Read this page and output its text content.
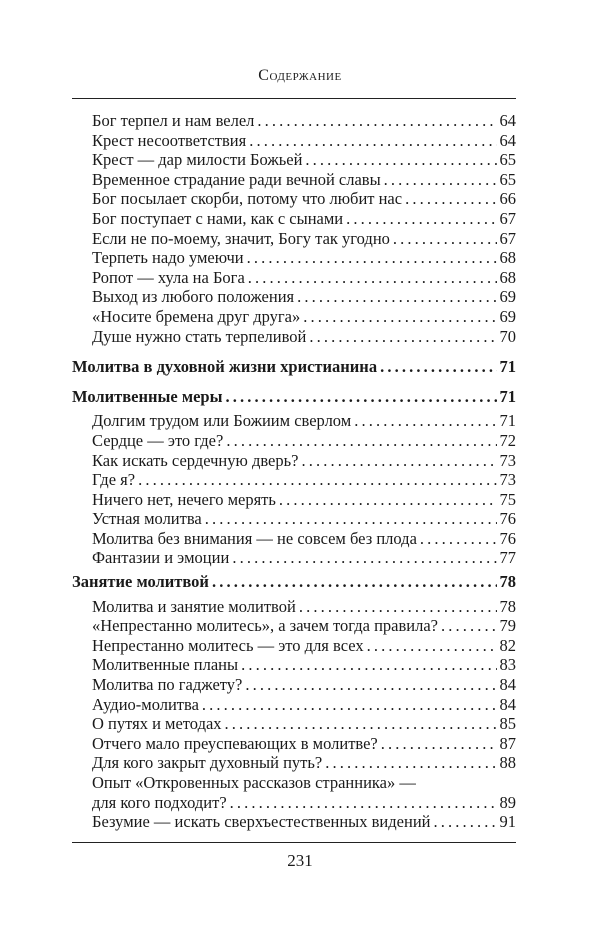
Содержание
Бог терпел и нам велел . . .	64
Крест несоответствия . . .	64
Крест — дар милости Божьей . . .	65
Временное страдание ради вечной славы . . .	65
Бог посылает скорби, потому что любит нас . . .	66
Бог поступает с нами, как с сынами . . .	67
Если не по-моему, значит, Богу так угодно . . .	67
Терпеть надо умеючи . . .	68
Ропот — хула на Бога . . .	68
Выход из любого положения . . .	69
«Носите бремена друг друга» . . .	69
Душе нужно стать терпеливой . . .	70
Молитва в духовной жизни христианина . . .	71
Молитвенные меры . . .	71
Долгим трудом или Божиим сверлом . . .	71
Сердце — это где? . . .	72
Как искать сердечную дверь? . . .	73
Где я? . . .	73
Ничего нет, нечего мерять . . .	75
Устная молитва . . .	76
Молитва без внимания — не совсем без плода . . .	76
Фантазии и эмоции . . .	77
Занятие молитвой . . .	78
Молитва и занятие молитвой . . .	78
«Непрестанно молитесь», а зачем тогда правила? . . .	79
Непрестанно молитесь — это для всех . . .	82
Молитвенные планы . . .	83
Молитва по гаджету? . . .	84
Аудио-молитва . . .	84
О путях и методах . . .	85
Отчего мало преуспевающих в молитве? . . .	87
Для кого закрыт духовный путь? . . .	88
Опыт «Откровенных рассказов странника» —
для кого подходит? . . .	89
Безумие — искать сверхъестественных видений . . .	91
231
